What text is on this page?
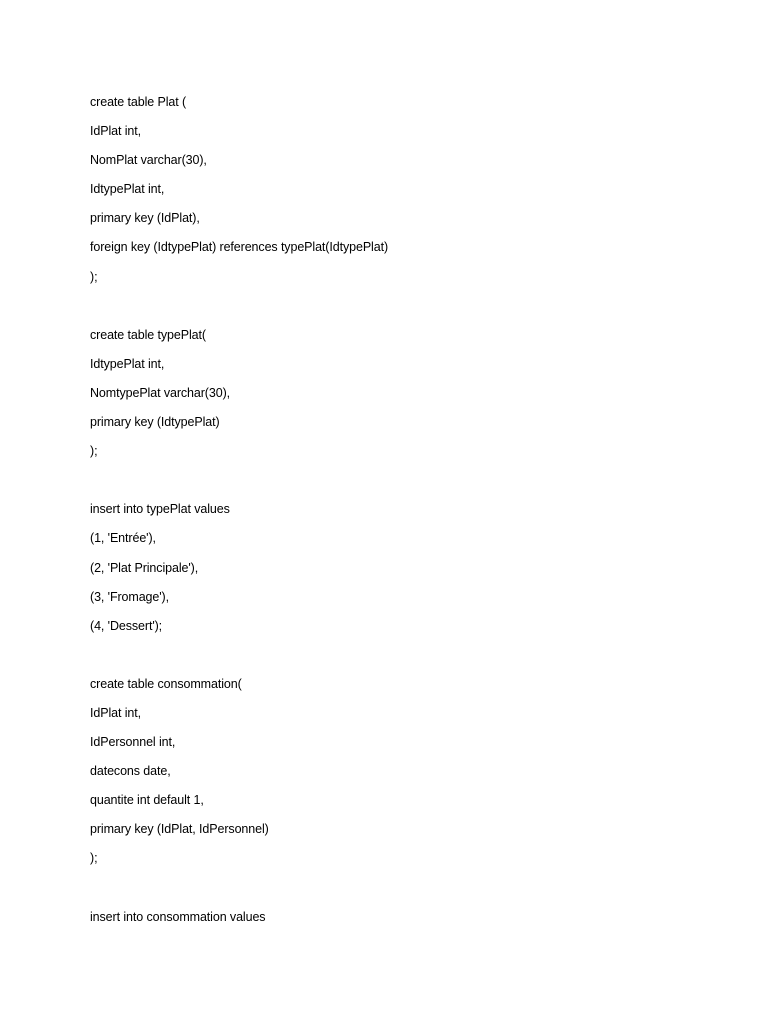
create table Plat (
IdPlat int,
NomPlat varchar(30),
IdtypePlat int,
primary key (IdPlat),
foreign key (IdtypePlat) references typePlat(IdtypePlat)
);
create table typePlat(
IdtypePlat int,
NomtypePlat varchar(30),
primary key (IdtypePlat)
);
insert into typePlat values
(1, 'Entrée'),
(2, 'Plat Principale'),
(3, 'Fromage'),
(4, 'Dessert');
create table consommation(
IdPlat int,
IdPersonnel int,
datecons date,
quantite int default 1,
primary key (IdPlat, IdPersonnel)
);
insert into consommation values
